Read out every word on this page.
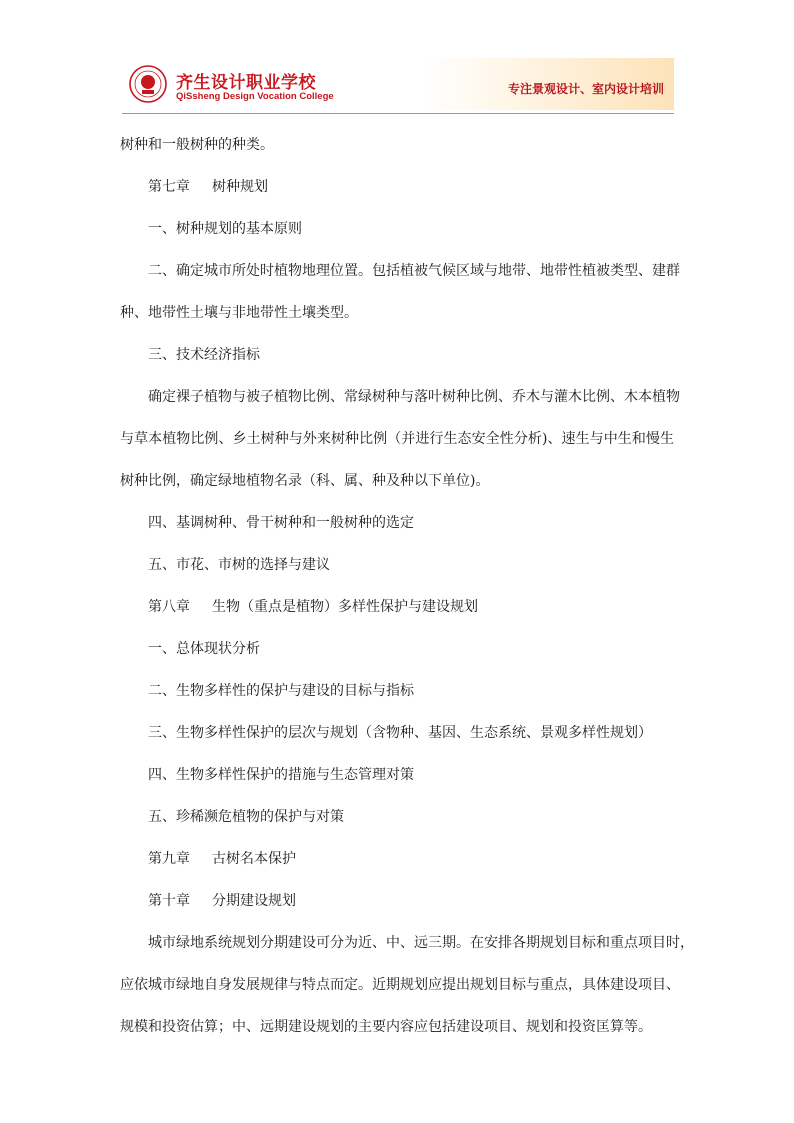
齐生设计职业学校
QiSsheng Design Vocation College
专注景观设计、室内设计培训
树种和一般树种的种类。
第七章 树种规划
一、树种规划的基本原则
二、确定城市所处时植物地理位置。包括植被气候区域与地带、地带性植被类型、建群
种、地带性土壤与非地带性土壤类型。
三、技术经济指标
确定裸子植物与被子植物比例、常绿树种与落叶树种比例、乔木与灌木比例、木本植物
与草本植物比例、乡土树种与外来树种比例（并进行生态安全性分析)、速生与中生和慢生
树种比例，确定绿地植物名录（科、属、种及种以下单位)。
四、基调树种、骨干树种和一般树种的选定
五、市花、市树的选择与建议
第八章 生物（重点是植物）多样性保护与建设规划
一、总体现状分析
二、生物多样性的保护与建设的目标与指标
三、生物多样性保护的层次与规划（含物种、基因、生态系统、景观多样性规划）
四、生物多样性保护的措施与生态管理对策
五、珍稀濒危植物的保护与对策
第九章 古树名本保护
第十章 分期建设规划
城市绿地系统规划分期建设可分为近、中、远三期。在安排各期规划目标和重点项目时，
应依城市绿地自身发展规律与特点而定。近期规划应提出规划目标与重点，具体建设项目、
规模和投资估算；中、远期建设规划的主要内容应包括建设项目、规划和投资匡算等。
